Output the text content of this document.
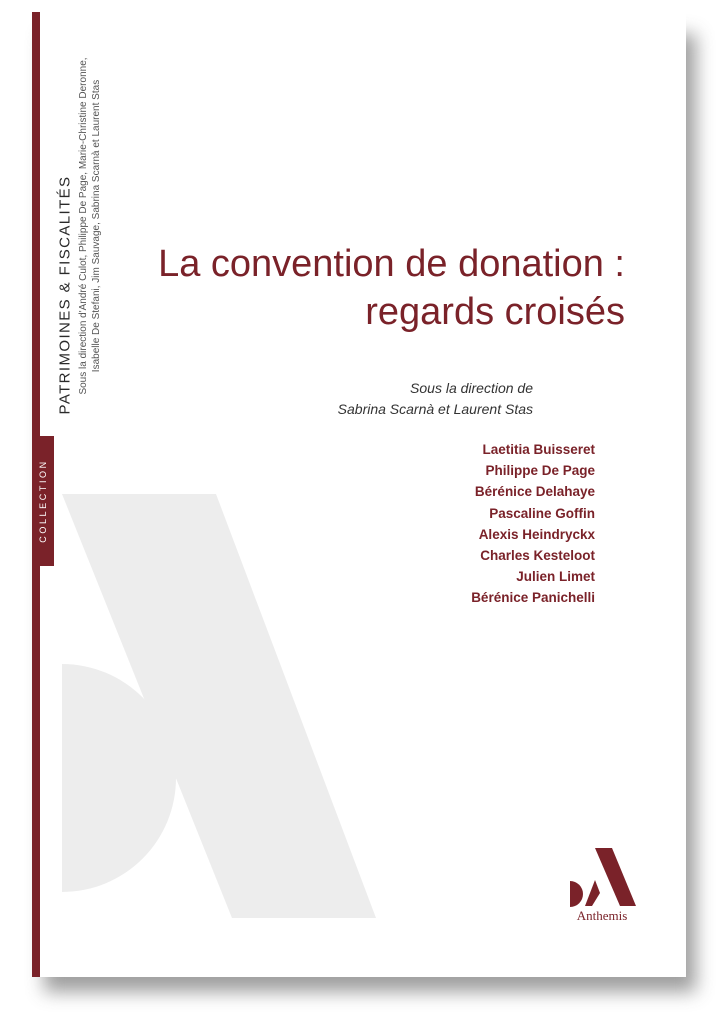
COLLECTION
PATRIMOINES & FISCALITÉS Sous la direction d'André Culot, Philippe De Page, Marie-Christine Deronne, Isabelle De Stefani, Jim Sauvage, Sabrina Scarnà et Laurent Stas La convention de donation :
regards croisés
Sous la direction de
Sabrina Scarnà et Laurent Stas
Laetitia Buisseret
Philippe De Page
Bérénice Delahaye
Pascaline Goffin
Alexis Heindryckx
Charles Kesteloot
Julien Limet
Bérénice Panichelli
Anthemis
